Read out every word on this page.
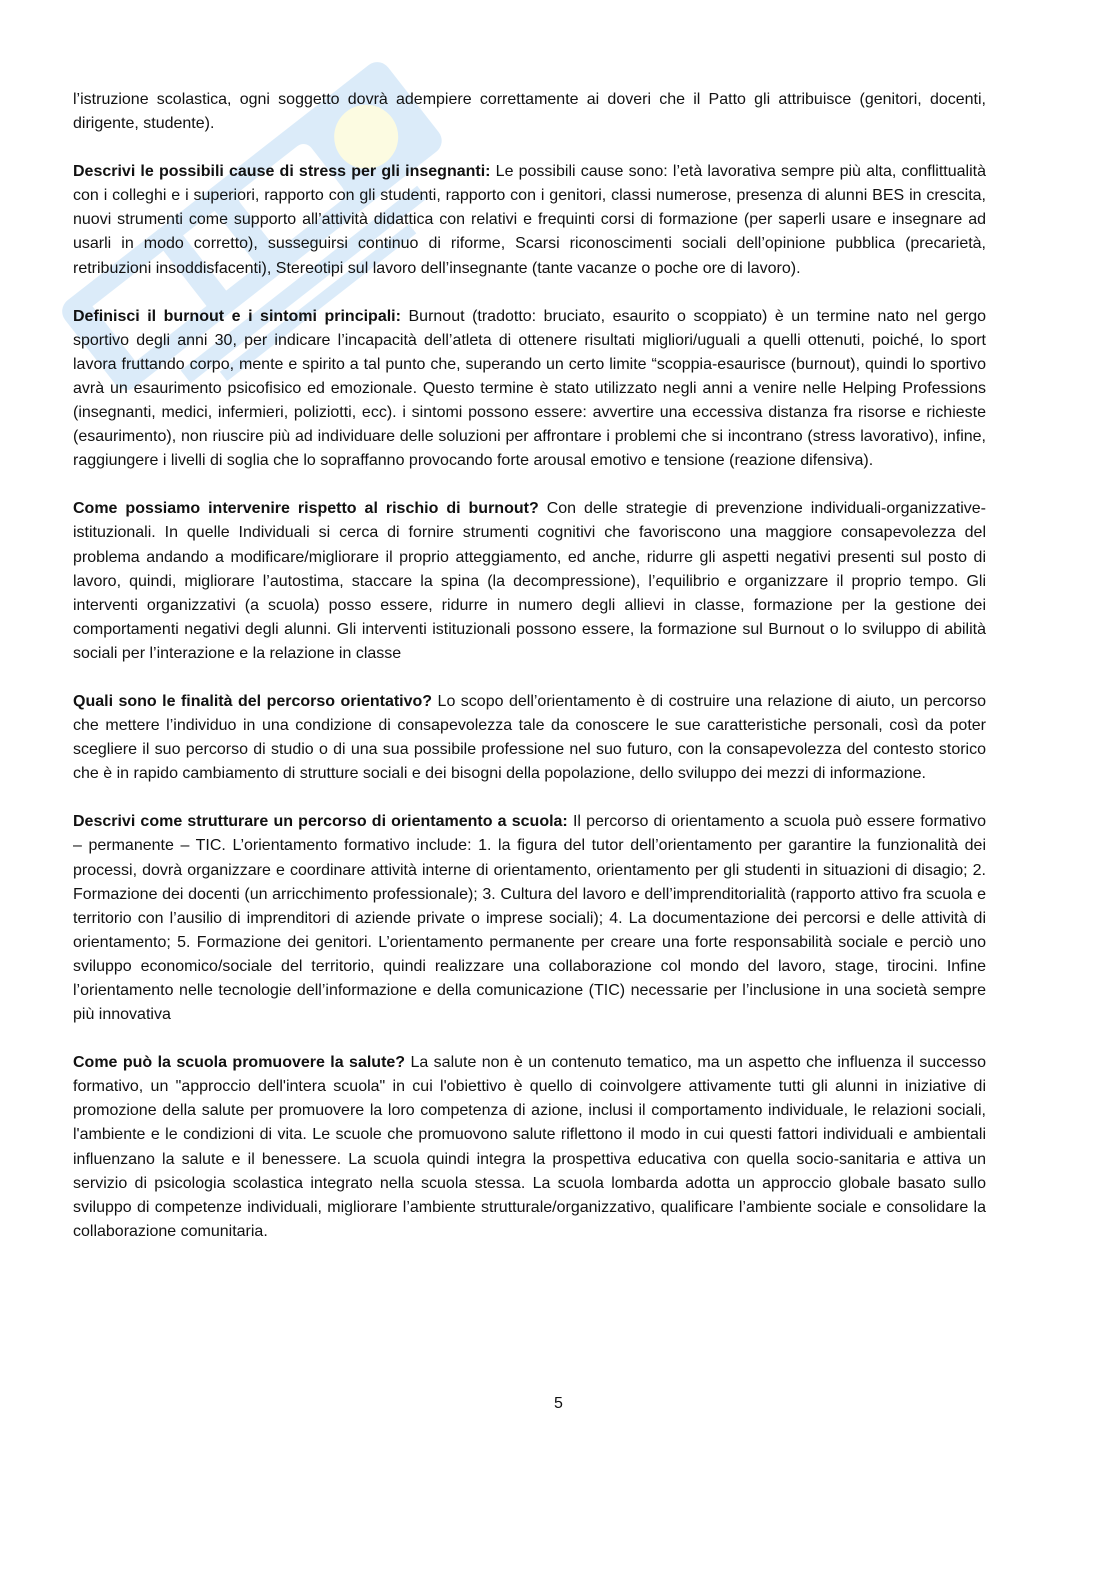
l’istruzione scolastica, ogni soggetto dovrà adempiere correttamente ai doveri che il Patto gli attribuisce (genitori, docenti, dirigente, studente).

Descrivi le possibili cause di stress per gli insegnanti: Le possibili cause sono: l’età lavorativa sempre più alta, conflittualità con i colleghi e i superiori, rapporto con gli studenti, rapporto con i genitori, classi numerose, presenza di alunni BES in crescita, nuovi strumenti come supporto all’attività didattica con relativi e frequinti corsi di formazione (per saperli usare e insegnare ad usarli in modo corretto), susseguirsi continuo di riforme, Scarsi riconoscimenti sociali dell’opinione pubblica (precarietà, retribuzioni insoddisfacenti), Stereotipi sul lavoro dell’insegnante (tante vacanze o poche ore di lavoro).

Definisci il burnout e i sintomi principali: Burnout (tradotto: bruciato, esaurito o scoppiato) è un termine nato nel gergo sportivo degli anni 30, per indicare l’incapacità dell’atleta di ottenere risultati migliori/uguali a quelli ottenuti, poiché, lo sport lavora fruttando corpo, mente e spirito a tal punto che, superando un certo limite “scoppia-esaurisce (burnout), quindi lo sportivo avrà un esaurimento psicofisico ed emozionale. Questo termine è stato utilizzato negli anni a venire nelle Helping Professions (insegnanti, medici, infermieri, poliziotti, ecc). i sintomi possono essere: avvertire una eccessiva distanza fra risorse e richieste (esaurimento), non riuscire più ad individuare delle soluzioni per affrontare i problemi che si incontrano (stress lavorativo), infine, raggiungere i livelli di soglia che lo sopraffanno provocando forte arousal emotivo e tensione (reazione difensiva).

Come possiamo intervenire rispetto al rischio di burnout? Con delle strategie di prevenzione individuali-organizzative-istituzionali. In quelle Individuali si cerca di fornire strumenti cognitivi che favoriscono una maggiore consapevolezza del problema andando a modificare/migliorare il proprio atteggiamento, ed anche, ridurre gli aspetti negativi presenti sul posto di lavoro, quindi, migliorare l’autostima, staccare la spina (la decompressione), l’equilibrio e organizzare il proprio tempo. Gli interventi organizzativi (a scuola) posso essere, ridurre in numero degli allievi in classe, formazione per la gestione dei comportamenti negativi degli alunni. Gli interventi istituzionali possono essere, la formazione sul Burnout o lo sviluppo di abilità sociali per l’interazione e la relazione in classe

Quali sono le finalità del percorso orientativo? Lo scopo dell’orientamento è di costruire una relazione di aiuto, un percorso che mettere l’individuo in una condizione di consapevolezza tale da conoscere le sue caratteristiche personali, così da poter scegliere il suo percorso di studio o di una sua possibile professione nel suo futuro, con la consapevolezza del contesto storico che è in rapido cambiamento di strutture sociali e dei bisogni della popolazione, dello sviluppo dei mezzi di informazione.

Descrivi come strutturare un percorso di orientamento a scuola: Il percorso di orientamento a scuola può essere formativo – permanente – TIC. L’orientamento formativo include: 1. la figura del tutor dell’orientamento per garantire la funzionalità dei processi, dovrà organizzare e coordinare attività interne di orientamento, orientamento per gli studenti in situazioni di disagio; 2. Formazione dei docenti (un arricchimento professionale); 3. Cultura del lavoro e dell’imprenditorialità (rapporto attivo fra scuola e territorio con l’ausilio di imprenditori di aziende private o imprese sociali); 4. La documentazione dei percorsi e delle attività di orientamento; 5. Formazione dei genitori. L’orientamento permanente per creare una forte responsabilità sociale e perciò uno sviluppo economico/sociale del territorio, quindi realizzare una collaborazione col mondo del lavoro, stage, tirocini. Infine l’orientamento nelle tecnologie dell’informazione e della comunicazione (TIC) necessarie per l’inclusione in una società sempre più innovativa

Come può la scuola promuovere la salute? La salute non è un contenuto tematico, ma un aspetto che influenza il successo formativo, un "approccio dell'intera scuola" in cui l'obiettivo è quello di coinvolgere attivamente tutti gli alunni in iniziative di promozione della salute per promuovere la loro competenza di azione, inclusi il comportamento individuale, le relazioni sociali, l'ambiente e le condizioni di vita. Le scuole che promuovono salute riflettono il modo in cui questi fattori individuali e ambientali influenzano la salute e il benessere. La scuola quindi integra la prospettiva educativa con quella socio-sanitaria e attiva un servizio di psicologia scolastica integrato nella scuola stessa. La scuola lombarda adotta un approccio globale basato sullo sviluppo di competenze individuali, migliorare l’ambiente strutturale/organizzativo, qualificare l’ambiente sociale e consolidare la collaborazione comunitaria.

5
